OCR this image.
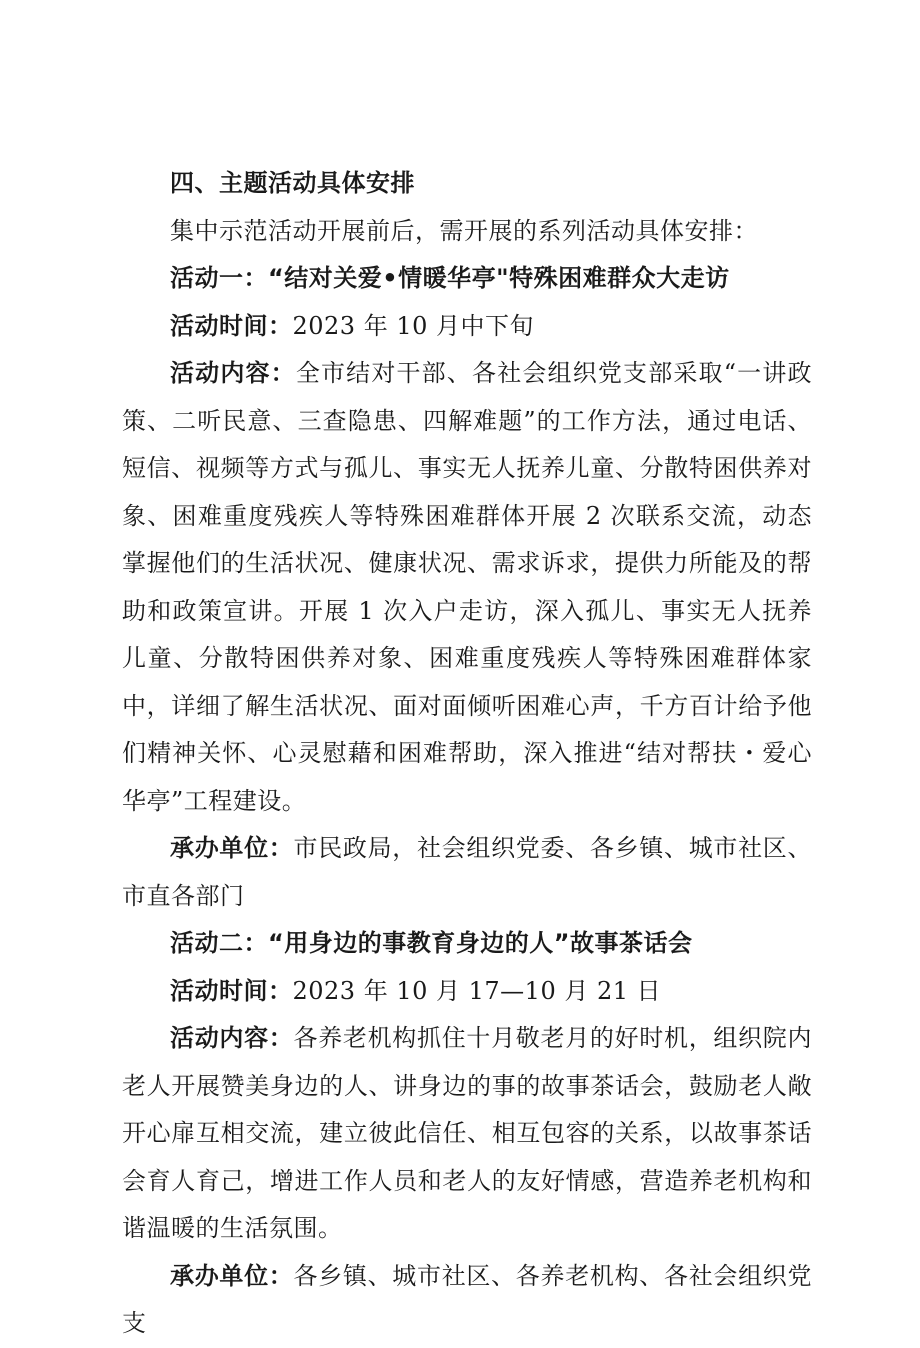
四、主题活动具体安排

集中示范活动开展前后，需开展的系列活动具体安排：

活动一：“结对关爱•情暖华亭"特殊困难群众大走访

活动时间：2023 年 10 月中下旬

活动内容：全市结对干部、各社会组织党支部采取“一讲政策、二听民意、三查隐患、四解难题”的工作方法，通过电话、短信、视频等方式与孤儿、事实无人抚养儿童、分散特困供养对象、困难重度残疾人等特殊困难群体开展 2 次联系交流，动态掌握他们的生活状况、健康状况、需求诉求，提供力所能及的帮助和政策宣讲。开展 1 次入户走访，深入孤儿、事实无人抚养儿童、分散特困供养对象、困难重度残疾人等特殊困难群体家中，详细了解生活状况、面对面倾听困难心声，千方百计给予他们精神关怀、心灵慰藉和困难帮助，深入推进“结对帮扶・爱心华亭”工程建设。

承办单位：市民政局，社会组织党委、各乡镇、城市社区、市直各部门

活动二：“用身边的事教育身边的人”故事茶话会

活动时间：2023 年 10 月 17—10 月 21 日

活动内容：各养老机构抓住十月敬老月的好时机，组织院内老人开展赞美身边的人、讲身边的事的故事茶话会，鼓励老人敞开心扉互相交流，建立彼此信任、相互包容的关系，以故事茶话会育人育己，增进工作人员和老人的友好情感，营造养老机构和谐温暖的生活氛围。

承办单位：各乡镇、城市社区、各养老机构、各社会组织党支
